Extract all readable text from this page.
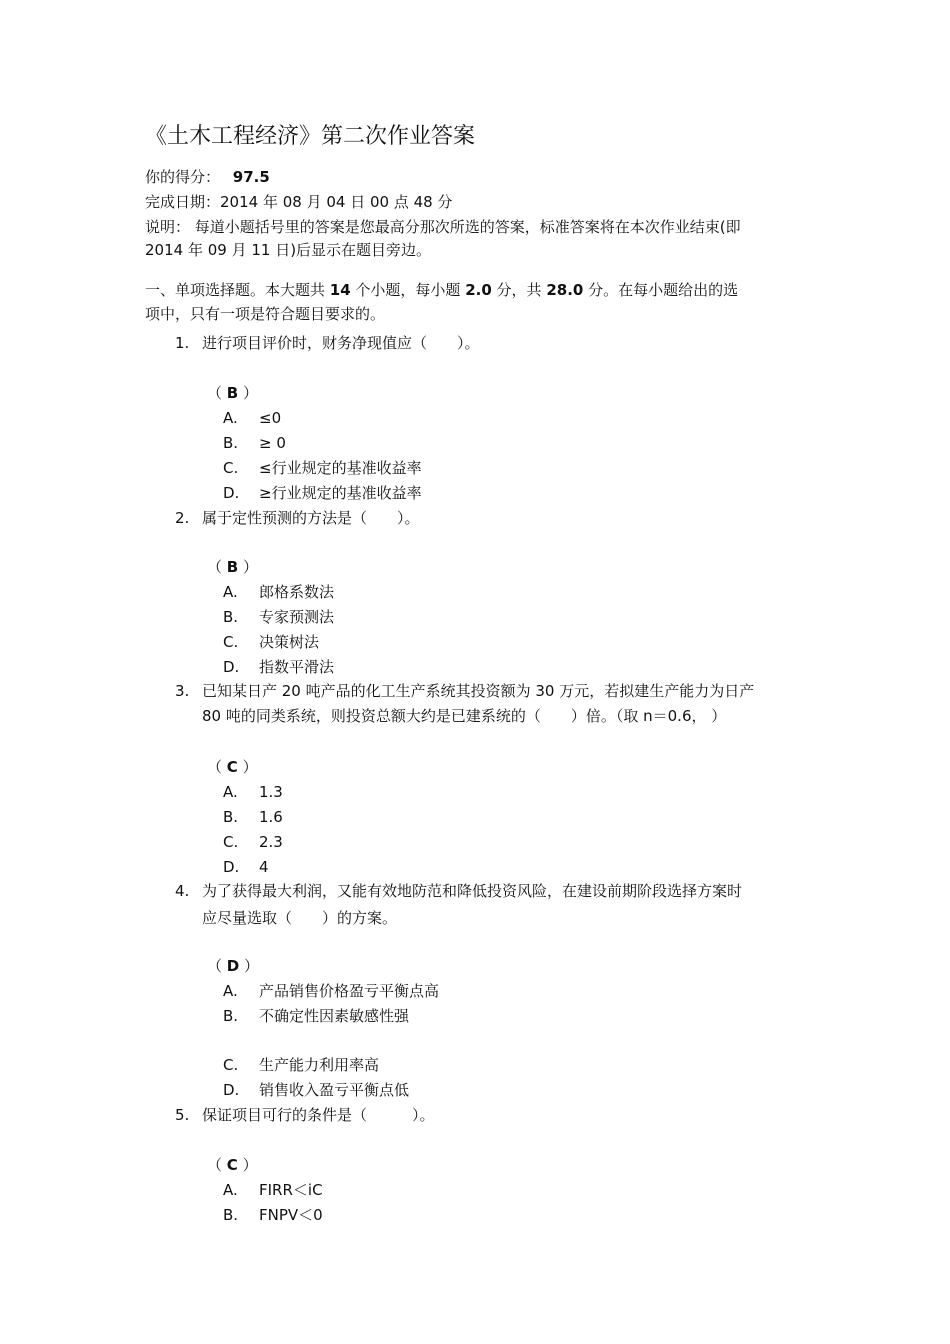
《土木工程经济》第二次作业答案
你的得分： 97.5
完成日期：2014 年 08 月 04 日 00 点 48 分
说明： 每道小题括号里的答案是您最高分那次所选的答案，标准答案将在本次作业结束(即
2014 年 09 月 11 日)后显示在题目旁边。
一、单项选择题。本大题共 14 个小题，每小题 2.0 分，共 28.0 分。在每小题给出的选
项中，只有一项是符合题目要求的。
1. 进行项目评价时，财务净现值应（　　）。
（ B ）
A. ≤0
B. ≥ 0
C. ≤行业规定的基准收益率
D. ≥行业规定的基准收益率
2. 属于定性预测的方法是（　　）。
（ B ）
A. 郎格系数法
B. 专家预测法
C. 决策树法
D. 指数平滑法
3. 已知某日产 20 吨产品的化工生产系统其投资额为 30 万元，若拟建生产能力为日产
80 吨的同类系统，则投资总额大约是已建系统的（　　）倍。（取 n＝0.6， ）
（ C ）
A. 1.3
B. 1.6
C. 2.3
D. 4
4. 为了获得最大利润，又能有效地防范和降低投资风险，在建设前期阶段选择方案时
应尽量选取（　　）的方案。
（ D ）
A. 产品销售价格盈亏平衡点高
B. 不确定性因素敏感性强
C. 生产能力利用率高
D. 销售收入盈亏平衡点低
5. 保证项目可行的条件是（　　　）。
（ C ）
A. FIRR＜iC
B. FNPV＜0
